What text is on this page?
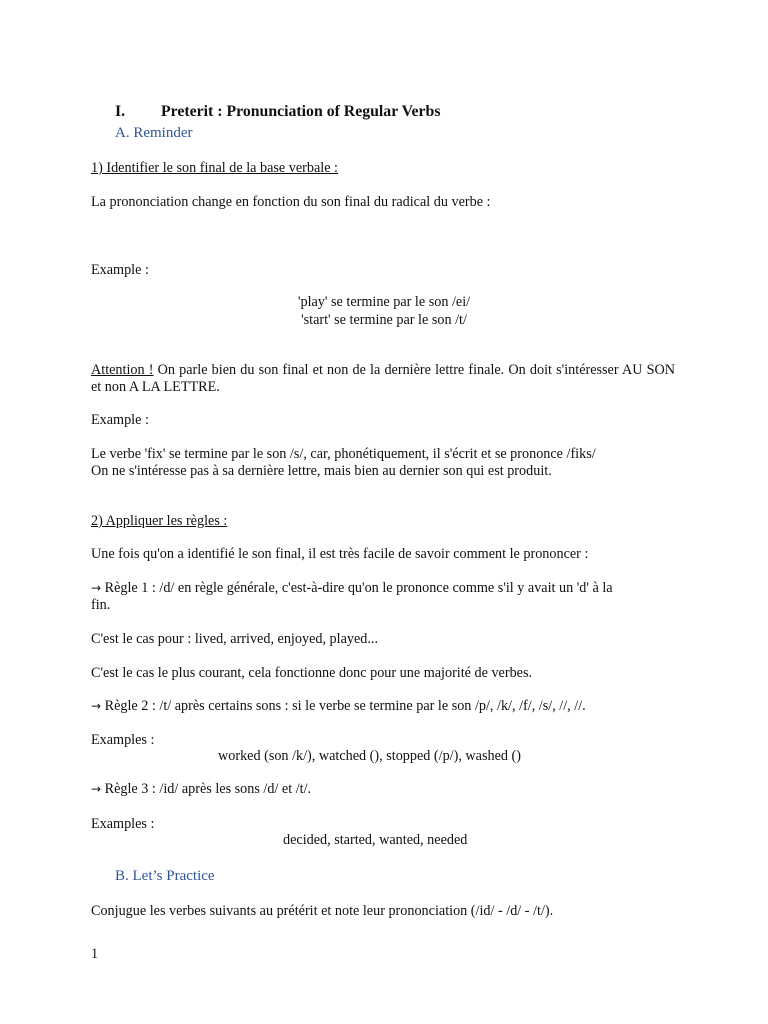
I. Preterit : Pronunciation of Regular Verbs
A. Reminder
1) Identifier le son final de la base verbale :
La prononciation change en fonction du son final du radical du verbe :
Example :
'play' se termine par le son /ei/
'start' se termine par le son /t/
Attention ! On parle bien du son final et non de la dernière lettre finale. On doit s'intéresser AU SON et non A LA LETTRE.
Example :
Le verbe 'fix' se termine par le son /s/, car, phonétiquement, il s'écrit et se prononce /fiks/
On ne s'intéresse pas à sa dernière lettre, mais bien au dernier son qui est produit.
2) Appliquer les règles :
Une fois qu'on a identifié le son final, il est très facile de savoir comment le prononcer :
→ Règle 1 : /d/ en règle générale, c'est-à-dire qu'on le prononce comme s'il y avait un 'd' à la
fin.
C'est le cas pour : lived, arrived, enjoyed, played...
C'est le cas le plus courant, cela fonctionne donc pour une majorité de verbes.
→ Règle 2 : /t/ après certains sons : si le verbe se termine par le son /p/, /k/, /f/, /s/, //, //.
Examples :
worked (son /k/), watched (), stopped (/p/), washed ()
→ Règle 3 : /id/ après les sons /d/ et /t/.
Examples :
decided, started, wanted, needed
B. Let’s Practice
Conjugue les verbes suivants au prétérit et note leur prononciation (/id/ - /d/ - /t/).
1
